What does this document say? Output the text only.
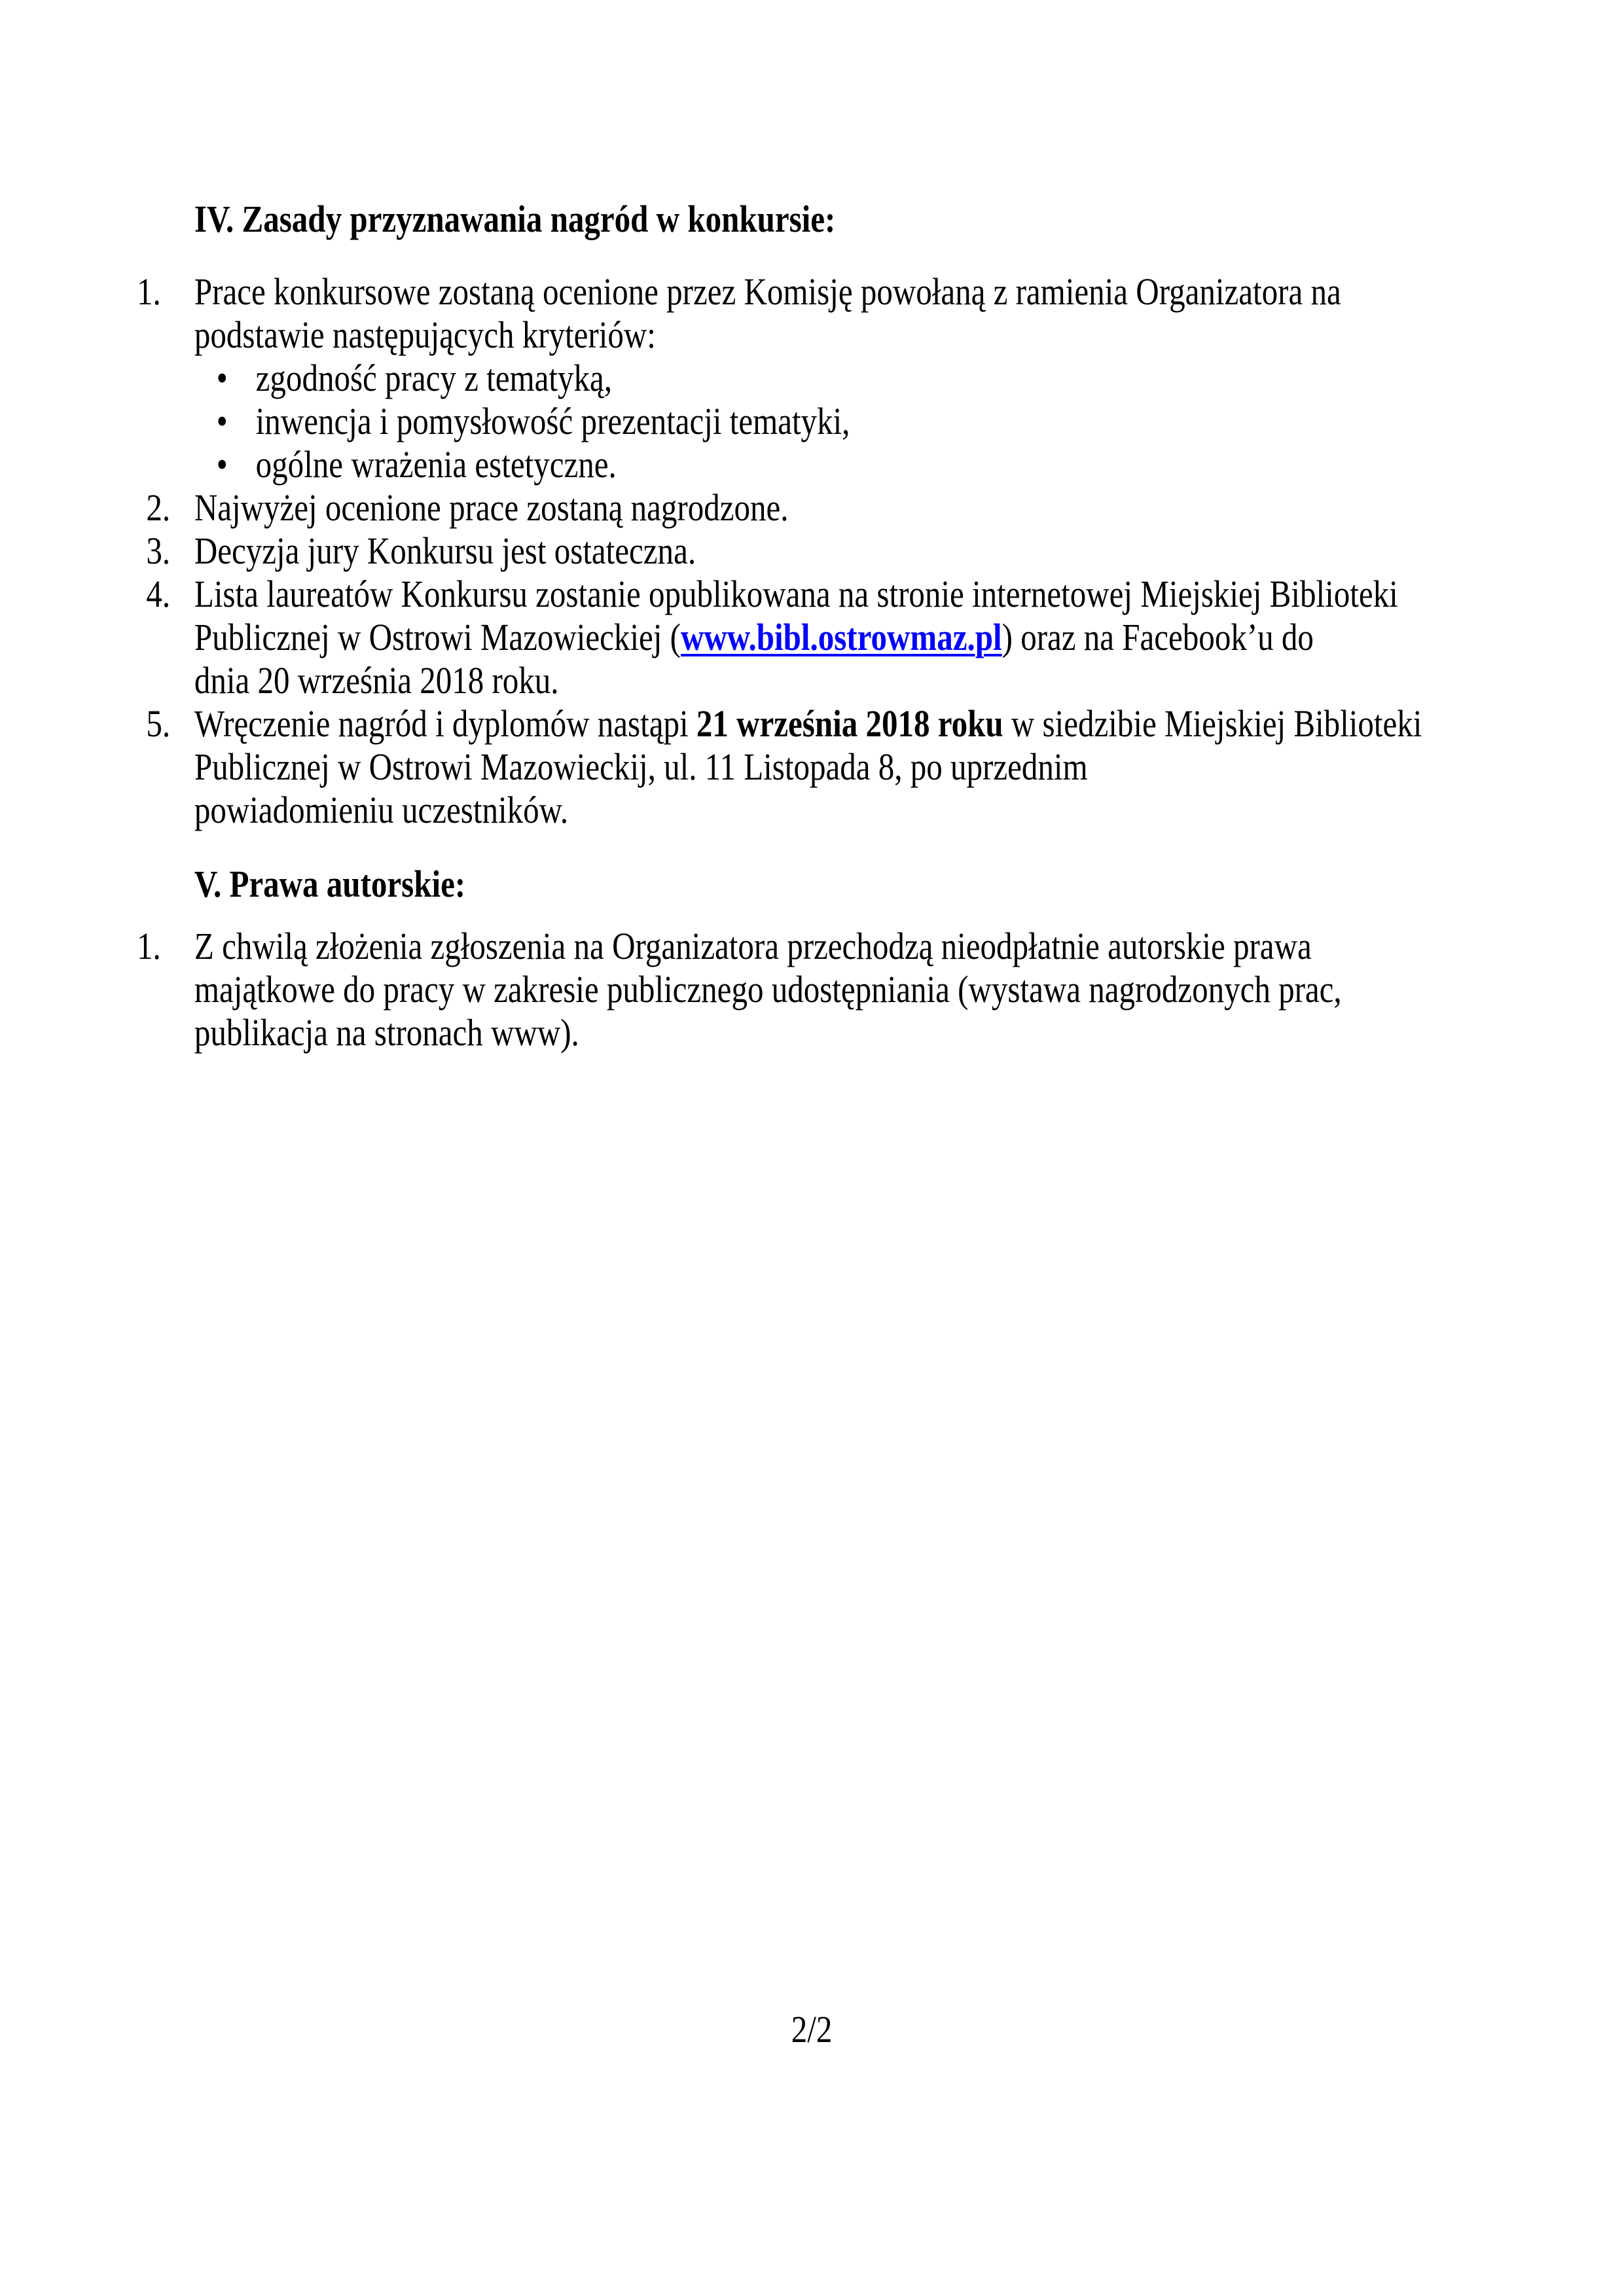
IV. Zasady przyznawania nagród w konkursie:
1. Prace konkursowe zostaną ocenione przez Komisję powołaną z ramienia Organizatora na podstawie następujących kryteriów:
• zgodność pracy z tematyką,
• inwencja i pomysłowość prezentacji tematyki,
• ogólne wrażenia estetyczne.
2. Najwyżej ocenione prace zostaną nagrodzone.
3. Decyzja jury Konkursu jest ostateczna.
4. Lista laureatów Konkursu zostanie opublikowana na stronie internetowej Miejskiej Biblioteki Publicznej w Ostrowi Mazowieckiej (www.bibl.ostrowmaz.pl) oraz na Facebook’u do
dnia 20 września 2018 roku.
5. Wręczenie nagród i dyplomów nastąpi 21 września 2018 roku w siedzibie Miejskiej Biblioteki Publicznej w Ostrowi Mazowieckij, ul. 11 Listopada 8, po uprzednim
powiadomieniu uczestników.
V. Prawa autorskie:
1. Z chwilą złożenia zgłoszenia na Organizatora przechodzą nieodpłatnie autorskie prawa majątkowe do pracy w zakresie publicznego udostępniania (wystawa nagrodzonych prac, publikacja na stronach www).
2/2
